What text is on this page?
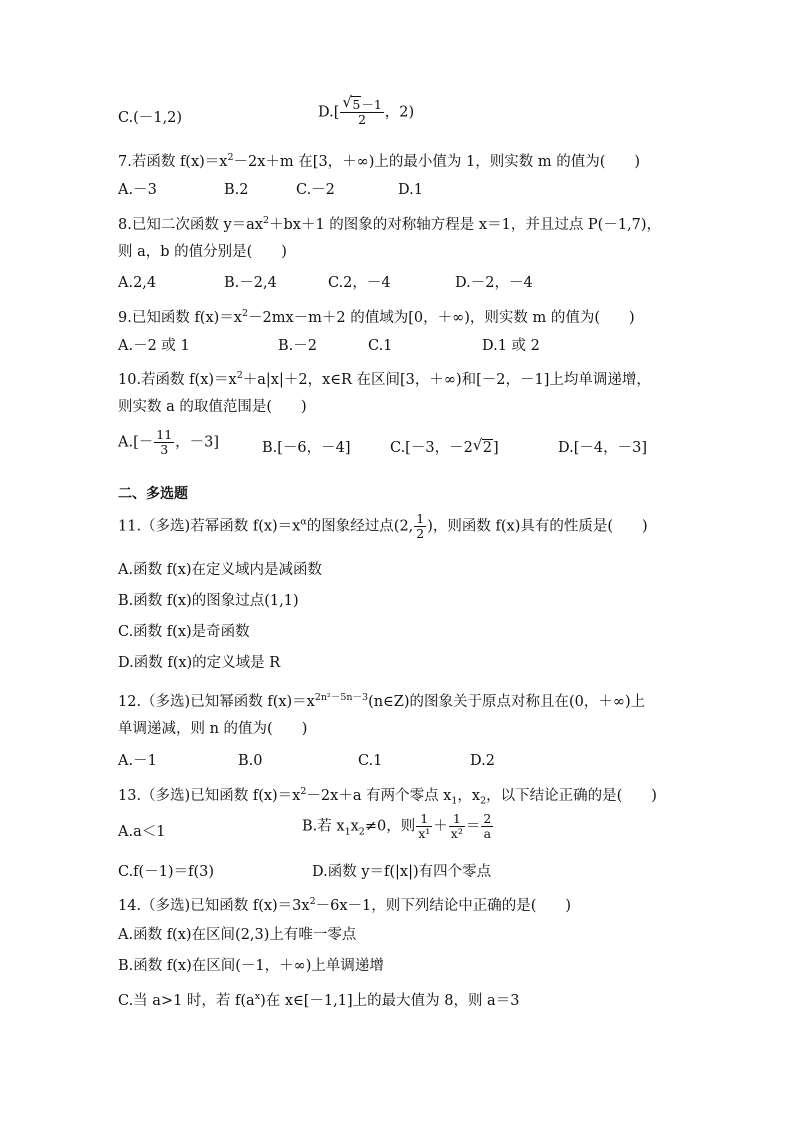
C.(－1,2)	$D.[ \frac{√ 5-1}{2}$ ，2)
7.若函数 $f(x)=x^2-2x+m$ 在[3，＋∞)上的最小值为 1，则实数 m 的值为(　　)
A.－3	B.2	C.－2	D.1
8.已知二次函数 $y=ax^2+bx+1$ 的图象的对称轴方程是 x＝1，并且过点 P(－1,7)，
则 a，b 的值分别是(　　)
A.2,4	B.－2,4	C.2，－4	D.－2，－4
9.已知函数 $f(x)=x^2-2mx-m+2$ 的值域为[0，＋∞)，则实数 m 的值为(　　)
A.－2 或 1	B.－2	C.1	D.1 或 2
10.若函数 $f(x)=x^2+a|x|+2$，x∈R 在区间[3，＋∞)和[－2，－1]上均单调递增，
则实数 a 的取值范围是(　　)
$A.[- \frac{11}{3}$ ，－3]	B.[－6，－4]	C.[－3，－2 √ 2]	D.[－4，－3]
二、多选题
11.（多选)若幂函数 $f(x)=x^\alpha$的图象经过点(2, $\frac{1}{2}$ )，则函数 f(x)具有的性质是(　　)
A.函数 f(x)在定义域内是减函数
B.函数 f(x)的图象过点(1,1)
C.函数 f(x)是奇函数
D.函数 f(x)的定义域是 R
12.（多选)已知幂函数 $f(x)=x^{2n^2-5n-3}(n\in Z)$的图象关于原点对称且在(0，＋∞)上
单调递减，则 n 的值为(　　)
A.－1	B.0	C.1	D.2
13.（多选)已知函数 $f(x)=x^2-2x+a$ 有两个零点 $x_1$，$x_2$，以下结论正确的是(　　)
A.a＜1	B.若 $x_1x_2\ne 0$，则 $\frac{1}{\text{x¹}} + \frac{1}{\text{x²}} = \frac{2}{a}$
C.f(－1)＝f(3)	D.函数 y＝f(|x|)有四个零点
14.（多选)已知函数 $f(x)=3x^2-6x-1$，则下列结论中正确的是(　　)
A.函数 f(x)在区间(2,3)上有唯一零点
B.函数 f(x)在区间(－1，＋∞)上单调递增
C.当 a>1 时，若 $f(a^x)$在 x∈[－1,1]上的最大值为 8，则 a＝3
